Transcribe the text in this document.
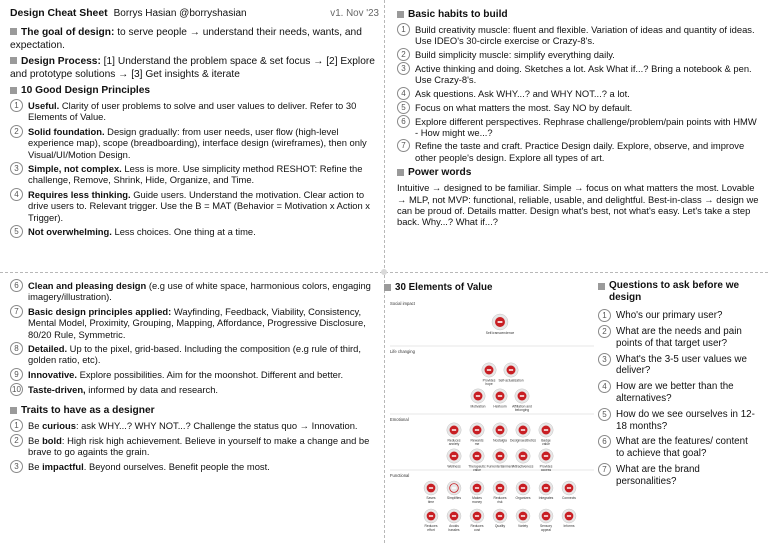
Design Cheat Sheet Borrys Hasian @borryshasian	v1. Nov '23
The goal of design: to serve people → understand their needs, wants, and expectation.
Design Process: [1] Understand the problem space & set focus → [2] Explore and prototype solutions → [3] Get insights & iterate
10 Good Design Principles
1 Useful. Clarity of user problems to solve and user values to deliver. Refer to 30 Elements of Value.
2 Solid foundation. Design gradually: from user needs, user flow (high-level experience map), scope (breadboarding), interface design (wireframes), then only Visual/UI/Motion Design.
3 Simple, not complex. Less is more. Use simplicity method RESHOT: Refine the challenge, Remove, Shrink, Hide, Organize, and Time.
4 Requires less thinking. Guide users. Understand the motivation. Clear action to drive users to. Relevant trigger. Use the B = MAT (Behavior = Motivation x Action x Trigger).
5 Not overwhelming. Less choices. One thing at a time.
Basic habits to build
1 Build creativity muscle: fluent and flexible. Variation of ideas and quantity of ideas. Use IDEO's 30-circle exercise or Crazy-8's.
2 Build simplicity muscle: simplify everything daily.
3 Active thinking and doing. Sketches a lot. Ask What if...? Bring a notebook & pen. Use Crazy-8's.
4 Ask questions. Ask WHY...? and WHY NOT...? a lot.
5 Focus on what matters the most. Say NO by default.
6 Explore different perspectives. Rephrase challenge/problem/pain points with HMW - How might we...?
7 Refine the taste and craft. Practice Design daily. Explore, observe, and improve other people's design. Explore all types of art.
Power words
Intuitive → designed to be familiar. Simple → focus on what matters the most. Lovable → MLP, not MVP: functional, reliable, usable, and delightful. Best-in-class → design we can be proud of. Details matter. Design what's best, not what's easy. Let's take a step back. Why...? What if...?
6 Clean and pleasing design (e.g use of white space, harmonious colors, engaging imagery/illustration).
7 Basic design principles applied: Wayfinding, Feedback, Viability, Consistency, Mental Model, Proximity, Grouping, Mapping, Affordance, Progressive Disclosure, 80/20 Rule, Symmetric.
8 Detailed. Up to the pixel, grid-based. Including the composition (e.g rule of third, golden ratio, etc).
9 Innovative. Explore possibilities. Aim for the moonshot. Different and better.
10 Taste-driven, informed by data and research.
Traits to have as a designer
1 Be curious: ask WHY...? WHY NOT...? Challenge the status quo → Innovation.
2 Be bold: High risk high achievement. Believe in yourself to make a change and be brave to go againts the grain.
3 Be impactful. Beyond ourselves. Benefit people the most.
30 Elements of Value
Social impact
Life changing
Emotional
Functional
Self-transcendence
Provides hope
Self-actualization
Motivation Heirloom Affiliation and belonging
Reduces anxiety
Rewards me
Nostalgia Design/aesthetics Badge value
Wellness Therapeutic value
Fun/entertainment Attractiveness Provides access
Saves time
Simplifies	Makes money
Reduces risk
Organizes Integrates	Connects
Reduces effort
Avoids hassles
Reduces cost
Quality	Variety	Sensory appeal
Informs
Questions to ask before we design
1 Who's our primary user?
2 What are the needs and pain points of that target user?
3 What's the 3-5 user values we deliver?
4 How are we better than the alternatives?
5 How do we see ourselves in 12-18 months?
6 What are the features/ content to achieve that goal?
7 What are the brand personalities?
